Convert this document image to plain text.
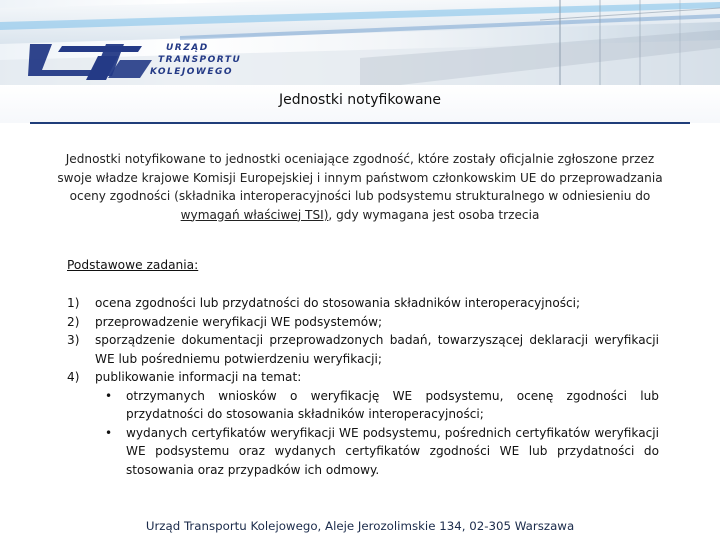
URZĄD
TRANSPORTU
KOLEJOWEGO
Jednostki notyfikowane
Jednostki notyfikowane to jednostki oceniające zgodność, które zostały oficjalnie zgłoszone przez swoje władze krajowe Komisji Europejskiej i innym państwom członkowskim UE do przeprowadzania oceny zgodności (składnika interoperacyjności lub podsystemu strukturalnego w odniesieniu do wymagań właściwej TSI), gdy wymagana jest osoba trzecia
Podstawowe zadania:
1)	ocena zgodności lub przydatności do stosowania składników interoperacyjności;
2)	przeprowadzenie weryfikacji WE podsystemów;
3)	sporządzenie dokumentacji przeprowadzonych badań, towarzyszącej deklaracji weryfikacji WE lub pośredniemu potwierdzeniu weryfikacji;
4)	publikowanie informacji na temat:
•	otrzymanych wniosków o weryfikację WE podsystemu, ocenę zgodności lub przydatności do stosowania składników interoperacyjności;
•	wydanych certyfikatów weryfikacji WE podsystemu, pośrednich certyfikatów weryfikacji WE podsystemu oraz wydanych certyfikatów zgodności WE lub przydatności do stosowania oraz przypadków ich odmowy.
Urząd Transportu Kolejowego, Aleje Jerozolimskie 134, 02-305 Warszawa
